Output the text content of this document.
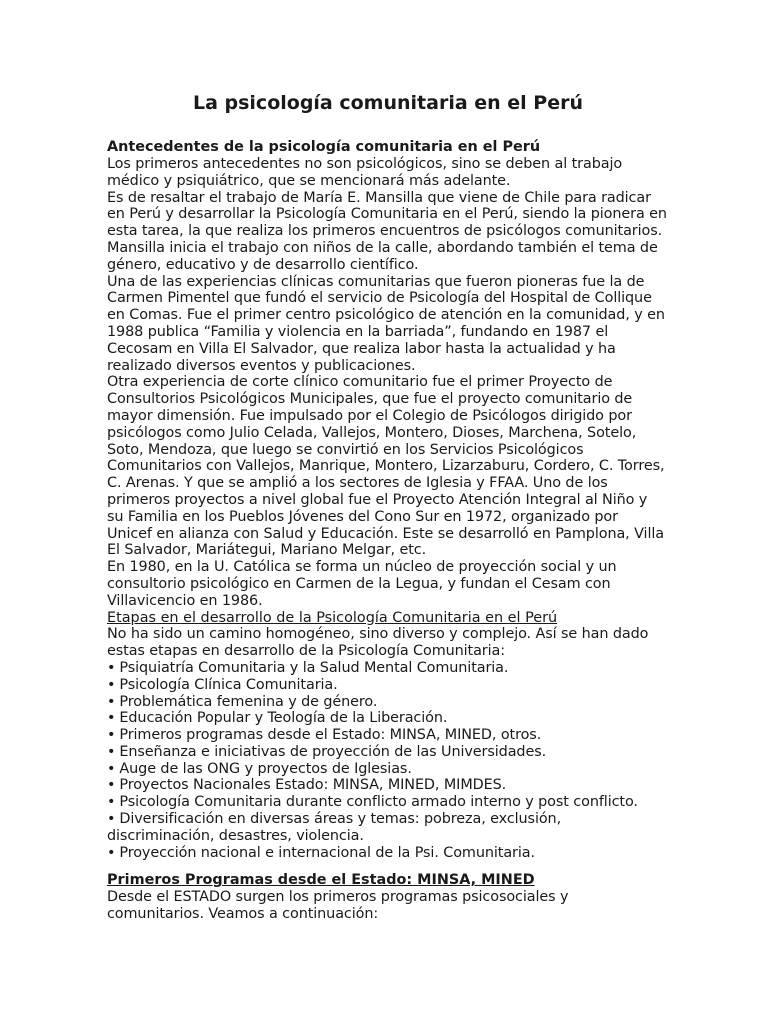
La psicología comunitaria en el Perú
Antecedentes de la psicología comunitaria en el Perú

Los primeros antecedentes no son psicológicos, sino se deben al trabajo médico y psiquiátrico, que se mencionará más adelante.

Es de resaltar el trabajo de María E. Mansilla que viene de Chile para radicar en Perú y desarrollar la Psicología Comunitaria en el Perú, siendo la pionera en esta tarea, la que realiza los primeros encuentros de psicólogos comunitarios. Mansilla inicia el trabajo con niños de la calle, abordando también el tema de género, educativo y de desarrollo científico.

Una de las experiencias clínicas comunitarias que fueron pioneras fue la de Carmen Pimentel que fundó el servicio de Psicología del Hospital de Collique en Comas. Fue el primer centro psicológico de atención en la comunidad, y en 1988 publica “Familia y violencia en la barriada”, fundando en 1987 el Cecosam en Villa El Salvador, que realiza labor hasta la actualidad y ha realizado diversos eventos y publicaciones.

Otra experiencia de corte clínico comunitario fue el primer Proyecto de Consultorios Psicológicos Municipales, que fue el proyecto comunitario de mayor dimensión. Fue impulsado por el Colegio de Psicólogos dirigido por psicólogos como Julio Celada, Vallejos, Montero, Dioses, Marchena, Sotelo, Soto, Mendoza, que luego se convirtió en los Servicios Psicológicos Comunitarios con Vallejos, Manrique, Montero, Lizarzaburu, Cordero, C. Torres, C. Arenas. Y que se amplió a los sectores de Iglesia y FFAA. Uno de los primeros proyectos a nivel global fue el Proyecto Atención Integral al Niño y su Familia en los Pueblos Jóvenes del Cono Sur en 1972, organizado por Unicef en alianza con Salud y Educación. Este se desarrolló en Pamplona, Villa El Salvador, Mariátegui, Mariano Melgar, etc.

En 1980, en la U. Católica se forma un núcleo de proyección social y un consultorio psicológico en Carmen de la Legua, y fundan el Cesam con Villavicencio en 1986.

Etapas en el desarrollo de la Psicología Comunitaria en el Perú

No ha sido un camino homogéneo, sino diverso y complejo. Así se han dado estas etapas en desarrollo de la Psicología Comunitaria:

• Psiquiatría Comunitaria y la Salud Mental Comunitaria.
• Psicología Clínica Comunitaria.
• Problemática femenina y de género.
• Educación Popular y Teología de la Liberación.
• Primeros programas desde el Estado: MINSA, MINED, otros.
• Enseñanza e iniciativas de proyección de las Universidades.
• Auge de las ONG y proyectos de Iglesias.
• Proyectos Nacionales Estado: MINSA, MINED, MIMDES.
• Psicología Comunitaria durante conflicto armado interno y post conflicto.
• Diversificación en diversas áreas y temas: pobreza, exclusión, discriminación, desastres, violencia.
• Proyección nacional e internacional de la Psi. Comunitaria.
Primeros Programas desde el Estado: MINSA, MINED

Desde el ESTADO surgen los primeros programas psicosociales y comunitarios. Veamos a continuación:
